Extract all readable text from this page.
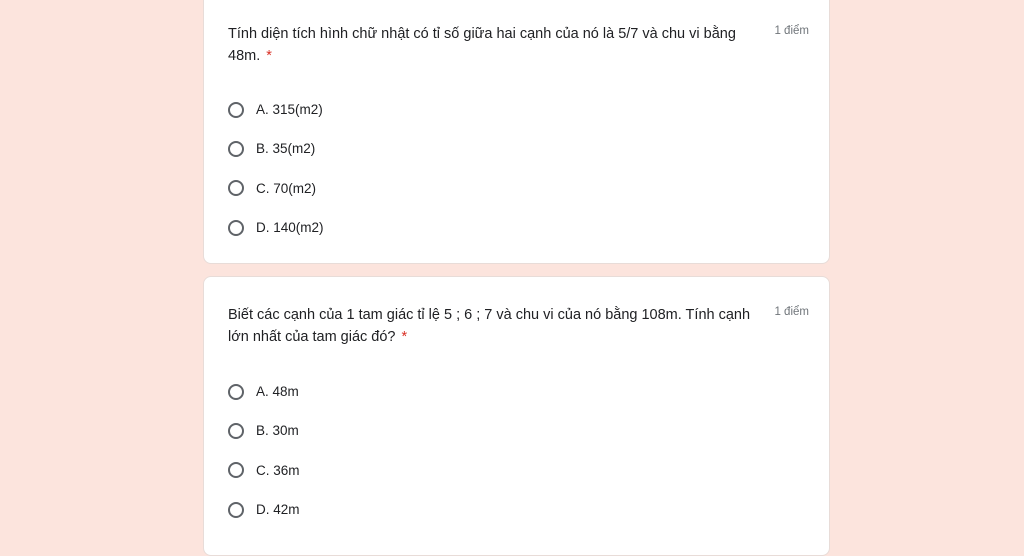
Tính diện tích hình chữ nhật có tỉ số giữa hai cạnh của nó là 5/7 và chu vi bằng 48m. *
1 điểm
A. 315(m2)
B. 35(m2)
C. 70(m2)
D. 140(m2)
Biết các cạnh của 1 tam giác tỉ lệ 5 ; 6 ; 7 và chu vi của nó bằng 108m. Tính cạnh lớn nhất của tam giác đó? *
1 điểm
A. 48m
B. 30m
C. 36m
D. 42m
